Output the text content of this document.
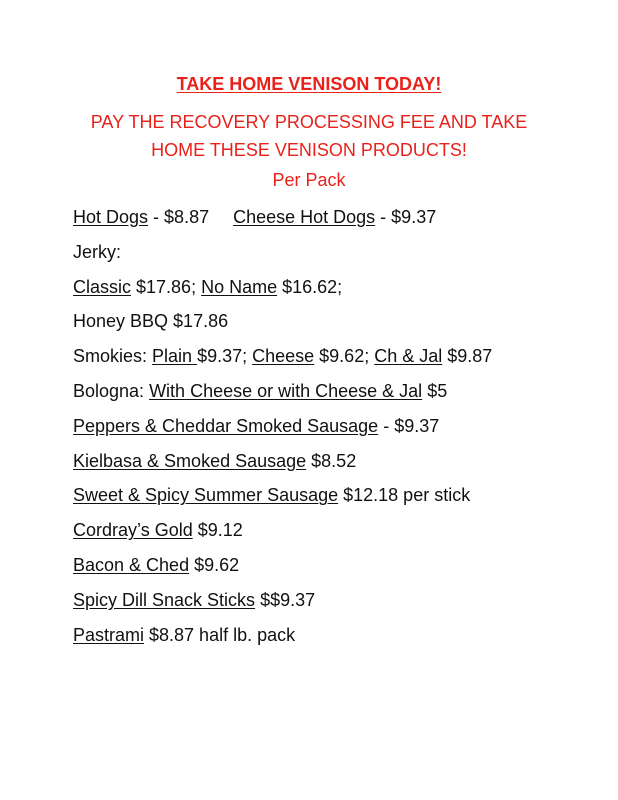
TAKE HOME VENISON TODAY!
PAY THE RECOVERY PROCESSING FEE AND TAKE
HOME THESE VENISON PRODUCTS!
Per Pack
Hot Dogs - $8.87 Cheese Hot Dogs - $9.37
Jerky:
Classic $17.86; No Name $16.62;
Honey BBQ $17.86
Smokies: Plain $9.37; Cheese $9.62; Ch & Jal $9.87
Bologna: With Cheese or with Cheese & Jal $5
Peppers & Cheddar Smoked Sausage - $9.37
Kielbasa & Smoked Sausage $8.52
Sweet & Spicy Summer Sausage $12.18 per stick
Cordray’s Gold $9.12
Bacon & Ched $9.62
Spicy Dill Snack Sticks $$9.37
Pastrami $8.87 half lb. pack
